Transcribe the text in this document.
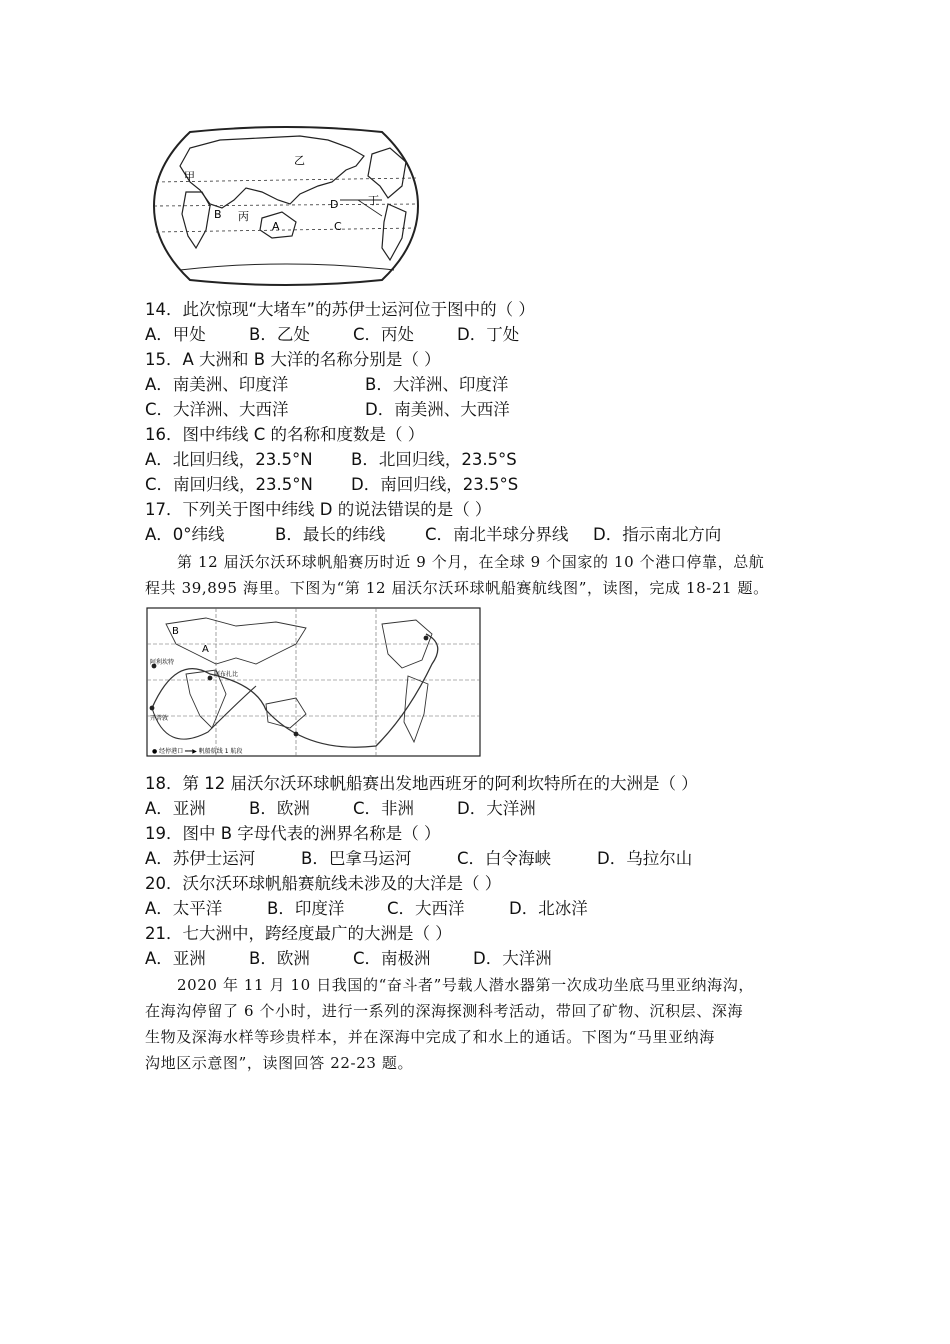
甲
乙
丙
丁
A
B
C
D
14．此次惊现“大堵车”的苏伊士运河位于图中的（ ）
A．甲处	B．乙处	C．丙处	D．丁处
15．A 大洲和 B 大洋的名称分别是（ ）
A．南美洲、印度洋	B．大洋洲、印度洋
C．大洋洲、大西洋	D．南美洲、大西洋
16．图中纬线 C 的名称和度数是（ ）
A．北回归线，23.5°N B．北回归线，23.5°S
C．南回归线，23.5°N D．南回归线，23.5°S
17．下列关于图中纬线 D 的说法错误的是（ ）
A．0°纬线	B．最长的纬线 C．南北半球分界线 D．指示南北方向

第 12 届沃尔沃环球帆船赛历时近 9 个月，在全球 9 个国家的 10 个港口停靠，总航

程共 39,895 海里。下图为“第 12 届沃尔沃环球帆船赛航线图”，读图，完成 18-21 题。

A
B
阿利坎特
开普敦
阿布扎比
● 经停港口 ━━▶ 帆船航线 1 航段
18．第 12 届沃尔沃环球帆船赛出发地西班牙的阿利坎特所在的大洲是（ ）
A．亚洲	B．欧洲	C．非洲	D．大洋洲
19．图中 B 字母代表的洲界名称是（ ）
A．苏伊士运河	B．巴拿马运河	C．白令海峡	D．乌拉尔山
20．沃尔沃环球帆船赛航线未涉及的大洋是（ ）
A．太平洋	B．印度洋	C．大西洋	D．北冰洋
21．七大洲中，跨经度最广的大洲是（ ）
A．亚洲	B．欧洲	C．南极洲	D．大洋洲

2020 年 11 月 10 日我国的“奋斗者”号载人潜水器第一次成功坐底马里亚纳海沟，

在海沟停留了 6 个小时，进行一系列的深海探测科考活动，带回了矿物、沉积层、深海

生物及深海水样等珍贵样本，并在深海中完成了和水上的通话。下图为“马里亚纳海

沟地区示意图”，读图回答 22-23 题。
